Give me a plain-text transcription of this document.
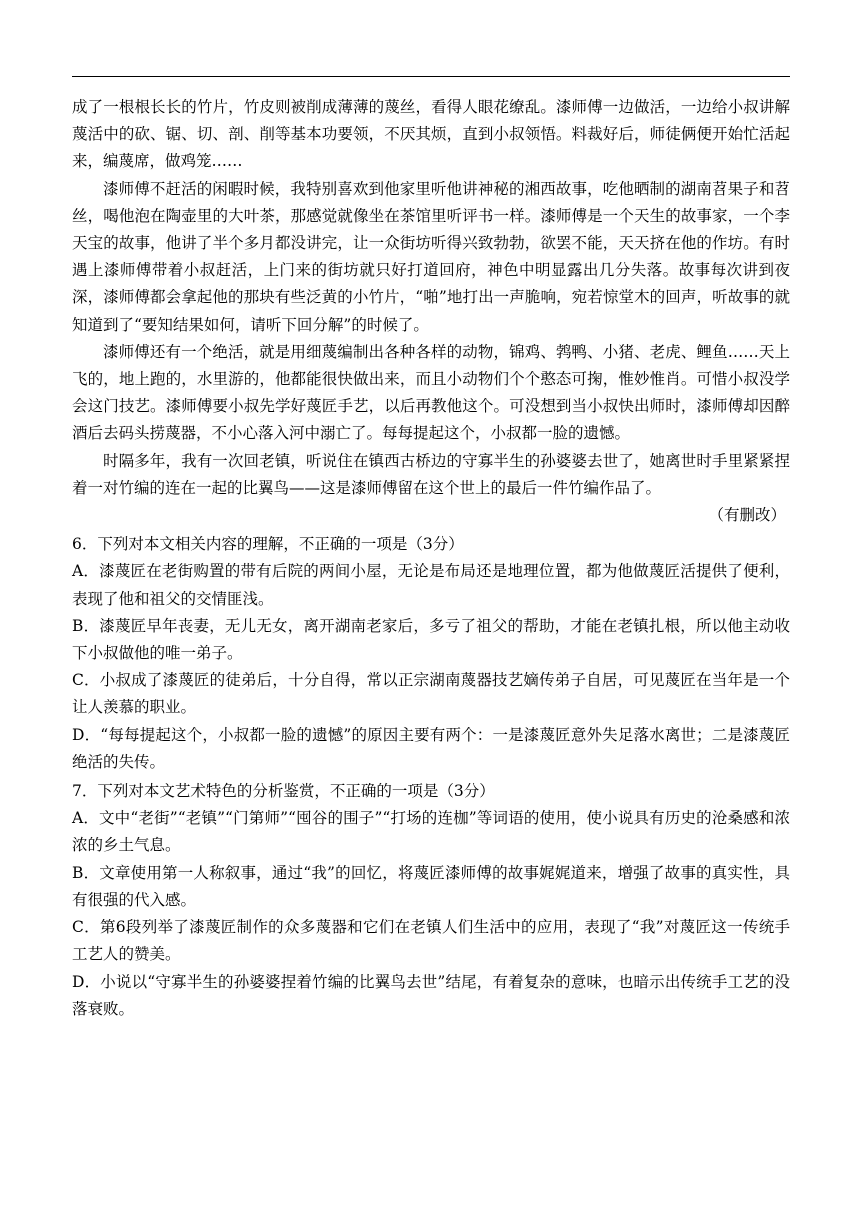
成了一根根长长的竹片，竹皮则被削成薄薄的蔑丝，看得人眼花缭乱。漆师傅一边做活，一边给小叔讲解蔑活中的砍、锯、切、剖、削等基本功要领，不厌其烦，直到小叔领悟。料裁好后，师徒俩便开始忙活起来，编蔑席，做鸡笼……

漆师傅不赶活的闲暇时候，我特别喜欢到他家里听他讲神秘的湘西故事，吃他晒制的湖南苕果子和苕丝，喝他泡在陶壶里的大叶茶，那感觉就像坐在茶馆里听评书一样。漆师傅是一个天生的故事家，一个李天宝的故事，他讲了半个多月都没讲完，让一众街坊听得兴致勃勃，欲罢不能，天天挤在他的作坊。有时遇上漆师傅带着小叔赶活，上门来的街坊就只好打道回府，神色中明显露出几分失落。故事每次讲到夜深，漆师傅都会拿起他的那块有些泛黄的小竹片，“啪”地打出一声脆响，宛若惊堂木的回声，听故事的就知道到了“要知结果如何，请听下回分解”的时候了。

漆师傅还有一个绝活，就是用细蔑编制出各种各样的动物，锦鸡、鹁鸭、小猪、老虎、鲤鱼……天上飞的，地上跑的，水里游的，他都能很快做出来，而且小动物们个个憨态可掬，惟妙惟肖。可惜小叔没学会这门技艺。漆师傅要小叔先学好蔑匠手艺，以后再教他这个。可没想到当小叔快出师时，漆师傅却因醉酒后去码头捞蔑器，不小心落入河中溺亡了。每每提起这个，小叔都一脸的遗憾。

时隔多年，我有一次回老镇，听说住在镇西古桥边的守寡半生的孙婆婆去世了，她离世时手里紧紧捏着一对竹编的连在一起的比翼鸟——这是漆师傅留在这个世上的最后一件竹编作品了。

（有删改）

6．下列对本文相关内容的理解，不正确的一项是（3分）

A．漆蔑匠在老街购置的带有后院的两间小屋，无论是布局还是地理位置，都为他做蔑匠活提供了便利，表现了他和祖父的交情匪浅。

B．漆蔑匠早年丧妻，无儿无女，离开湖南老家后，多亏了祖父的帮助，才能在老镇扎根，所以他主动收下小叔做他的唯一弟子。

C．小叔成了漆蔑匠的徒弟后，十分自得，常以正宗湖南蔑器技艺嫡传弟子自居，可见蔑匠在当年是一个让人羡慕的职业。

D．“每每提起这个，小叔都一脸的遗憾”的原因主要有两个：一是漆蔑匠意外失足落水离世；二是漆蔑匠绝活的失传。

7．下列对本文艺术特色的分析鉴赏，不正确的一项是（3分）

A．文中“老街”“老镇”“门第师”“囤谷的围子”“打场的连枷”等词语的使用，使小说具有历史的沧桑感和浓浓的乡土气息。

B．文章使用第一人称叙事，通过“我”的回忆，将蔑匠漆师傅的故事娓娓道来，增强了故事的真实性，具有很强的代入感。

C．第6段列举了漆蔑匠制作的众多蔑器和它们在老镇人们生活中的应用，表现了“我”对蔑匠这一传统手工艺人的赞美。

D．小说以“守寡半生的孙婆婆捏着竹编的比翼鸟去世”结尾，有着复杂的意味，也暗示出传统手工艺的没落衰败。
